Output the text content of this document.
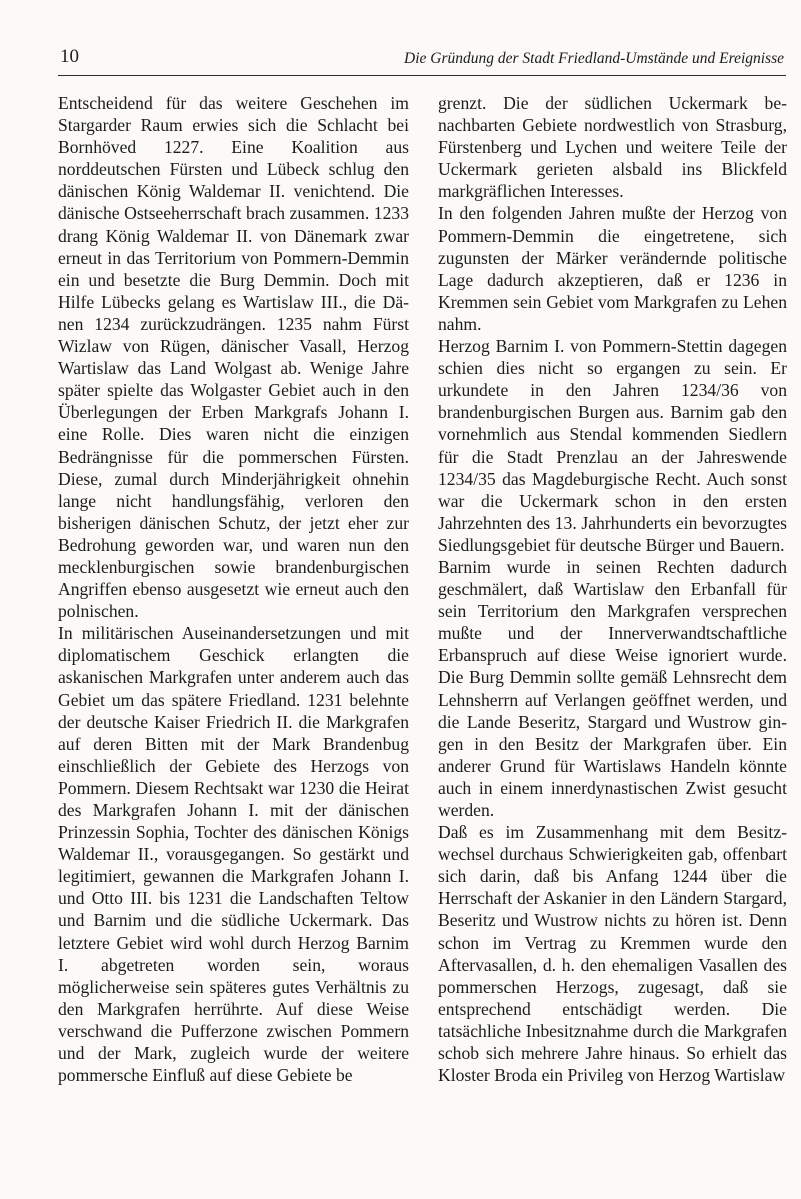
10	Die Gründung der Stadt Friedland-Umstände und Ereignisse

Entscheidend für das weitere Geschehen im Stargarder Raum erwies sich die Schlacht bei Bornhöved 1227. Eine Koalition aus norddeutschen Fürsten und Lübeck schlug den dänischen König Waldemar II. venichtend. Die dänische Ostseeherrschaft brach zusammen. 1233 drang König Waldemar II. von Dänemark zwar erneut in das Territorium von Pommern-Demmin ein und besetzte die Burg Demmin. Doch mit Hilfe Lübecks gelang es Wartislaw III., die Dänen 1234 zurückzudrängen. 1235 nahm Fürst Wizlaw von Rügen, dänischer Vasall, Herzog Wartislaw das Land Wolgast ab. Wenige Jahre später spielte das Wolgaster Gebiet auch in den Überlegungen der Erben Markgrafs Johann I. eine Rolle. Dies waren nicht die einzigen Bedrängnisse für die pommerschen Fürsten. Diese, zumal durch Minderjährigkeit ohnehin lange nicht handlungsfähig, verloren den bisherigen dänischen Schutz, der jetzt eher zur Bedrohung geworden war, und waren nun den mecklenburgischen sowie brandenburgischen Angriffen ebenso ausgesetzt wie erneut auch den polnischen.

In militärischen Auseinandersetzungen und mit diplomatischem Geschick erlangten die askanischen Markgrafen unter anderem auch das Gebiet um das spätere Friedland. 1231 belehnte der deutsche Kaiser Friedrich II. die Markgrafen auf deren Bitten mit der Mark Brandenbug einschließlich der Gebiete des Herzogs von Pommern. Diesem Rechtsakt war 1230 die Heirat des Markgrafen Johann I. mit der dänischen Prinzessin Sophia, Tochter des dänischen Königs Waldemar II., vorausgegangen. So gestärkt und legitimiert, gewannen die Markgrafen Johann I. und Otto III. bis 1231 die Landschaften Teltow und Barnim und die südliche Uckermark. Das letztere Gebiet wird wohl durch Herzog Barnim I. abgetreten worden sein, woraus möglicherweise sein späteres gutes Verhältnis zu den Markgrafen herrührte. Auf diese Weise verschwand die Pufferzone zwischen Pommern und der Mark, zugleich wurde der weitere pommersche Einfluß auf diese Gebiete be

grenzt. Die der südlichen Uckermark benachbarten Gebiete nordwestlich von Strasburg, Fürstenberg und Lychen und weitere Teile der Uckermark gerieten alsbald ins Blickfeld markgräflichen Interesses.

In den folgenden Jahren mußte der Herzog von Pommern-Demmin die eingetretene, sich zugunsten der Märker verändernde politische Lage dadurch akzeptieren, daß er 1236 in Kremmen sein Gebiet vom Markgrafen zu Lehen nahm.

Herzog Barnim I. von Pommern-Stettin dagegen schien dies nicht so ergangen zu sein. Er urkundete in den Jahren 1234/36 von brandenburgischen Burgen aus. Barnim gab den vornehmlich aus Stendal kommenden Siedlern für die Stadt Prenzlau an der Jahreswende 1234/35 das Magdeburgische Recht. Auch sonst war die Uckermark schon in den ersten Jahrzehnten des 13. Jahrhunderts ein bevorzugtes Siedlungsgebiet für deutsche Bürger und Bauern.

Barnim wurde in seinen Rechten dadurch geschmälert, daß Wartislaw den Erbanfall für sein Territorium den Markgrafen versprechen mußte und der Innerverwandtschaftliche Erbanspruch auf diese Weise ignoriert wurde. Die Burg Demmin sollte gemäß Lehnsrecht dem Lehnsherrn auf Verlangen geöffnet werden, und die Lande Beseritz, Stargard und Wustrow gingen in den Besitz der Markgrafen über. Ein anderer Grund für Wartislaws Handeln könnte auch in einem innerdynastischen Zwist gesucht werden.

Daß es im Zusammenhang mit dem Besitzwechsel durchaus Schwierigkeiten gab, offenbart sich darin, daß bis Anfang 1244 über die Herrschaft der Askanier in den Ländern Stargard, Beseritz und Wustrow nichts zu hören ist. Denn schon im Vertrag zu Kremmen wurde den Aftervasallen, d. h. den ehemaligen Vasallen des pommerschen Herzogs, zugesagt, daß sie entsprechend entschädigt werden. Die tatsächliche Inbesitznahme durch die Markgrafen schob sich mehrere Jahre hinaus. So erhielt das Kloster Broda ein Privileg von Herzog Wartislaw
